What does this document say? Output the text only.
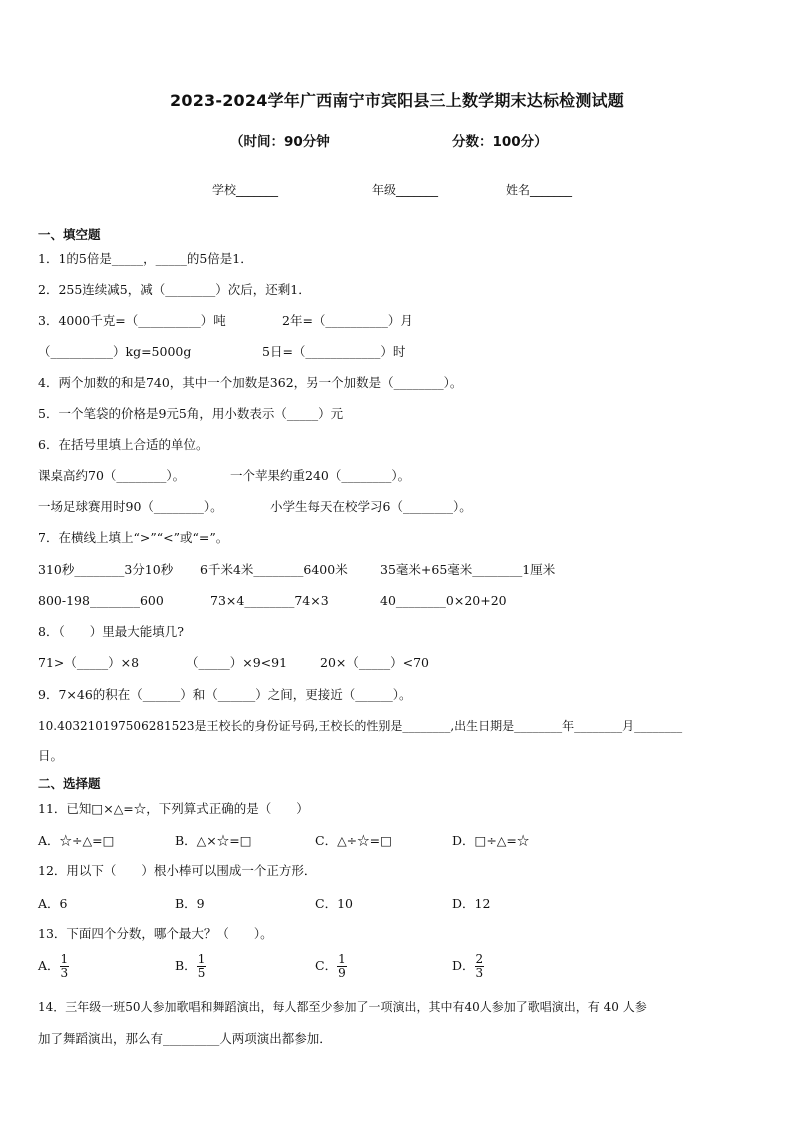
2023-2024学年广西南宁市宾阳县三上数学期末达标检测试题
（时间：90分钟	分数：100分）
学校_______	年级_______	姓名_______
一、填空题
1．1的5倍是_____，_____的5倍是1．
2．255连续减5，减（________）次后，还剩1．
3．4000千克=（__________）吨	2年=（__________）月
（__________）kg=5000g	5日=（____________）时
4．两个加数的和是740，其中一个加数是362，另一个加数是（________）。
5．一个笔袋的价格是9元5角，用小数表示（_____）元
6．在括号里填上合适的单位。
课桌高约70（________）。	一个苹果约重240（________）。
一场足球赛用时90（________）。	小学生每天在校学习6（________）。
7．在横线上填上“>”“<”或“=”。
310秒________3分10秒 6千米4米________6400米	35毫米+65毫米________1厘米
800-198________600	73×4________74×3	40________0×20+20
8．（　　）里最大能填几?
71>（_____）×8	（_____）×9<91	20×（_____）<70
9．7×46的积在（______）和（______）之间，更接近（______）。
10.403210197506281523是王校长的身份证号码,王校长的性别是________,出生日期是________年________月________
日。
二、选择题
11．已知□×△=☆，下列算式正确的是（　　）
A．☆÷△=□	B．△×☆=□	C．△÷☆=□	D．□÷△=☆
12．用以下（　　）根小棒可以围成一个正方形．
A．6	B．9	C．10	D．12
13．下面四个分数，哪个最大？（　　）。
A． $\frac{1}{3}$	B． $\frac{1}{5}$	C． $\frac{1}{9}$	D． $\frac{2}{3}$
14．三年级一班50人参加歌唱和舞蹈演出，每人都至少参加了一项演出，其中有40人参加了歌唱演出，有 40 人参
加了舞蹈演出，那么有_________人两项演出都参加．
